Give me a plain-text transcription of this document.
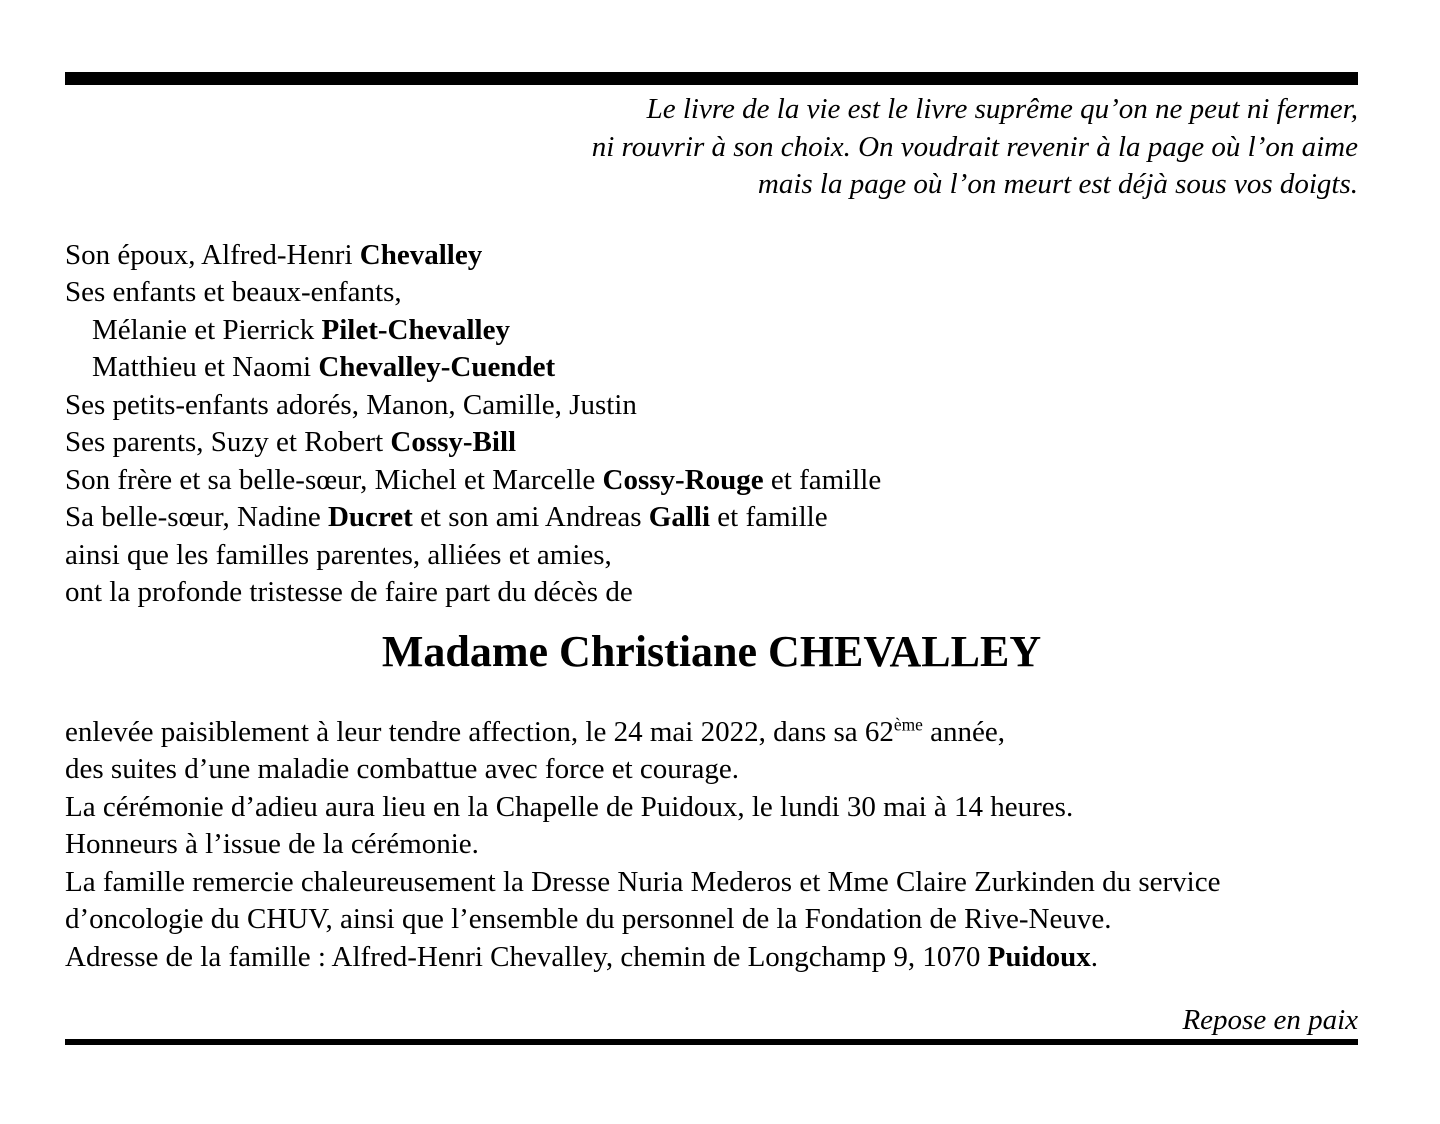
Le livre de la vie est le livre suprême qu’on ne peut ni fermer,
ni rouvrir à son choix. On voudrait revenir à la page où l’on aime
mais la page où l’on meurt est déjà sous vos doigts.
Son époux, Alfred-Henri Chevalley
Ses enfants et beaux-enfants,
Mélanie et Pierrick Pilet-Chevalley
Matthieu et Naomi Chevalley-Cuendet
Ses petits-enfants adorés, Manon, Camille, Justin
Ses parents, Suzy et Robert Cossy-Bill
Son frère et sa belle-sœur, Michel et Marcelle Cossy-Rouge et famille
Sa belle-sœur, Nadine Ducret et son ami Andreas Galli et famille
ainsi que les familles parentes, alliées et amies,
ont la profonde tristesse de faire part du décès de
Madame Christiane CHEVALLEY
enlevée paisiblement à leur tendre affection, le 24 mai 2022, dans sa 62ème année,
des suites d’une maladie combattue avec force et courage.
La cérémonie d’adieu aura lieu en la Chapelle de Puidoux, le lundi 30 mai à 14 heures.
Honneurs à l’issue de la cérémonie.
La famille remercie chaleureusement la Dresse Nuria Mederos et Mme Claire Zurkinden du service
d’oncologie du CHUV, ainsi que l’ensemble du personnel de la Fondation de Rive-Neuve.
Adresse de la famille : Alfred-Henri Chevalley, chemin de Longchamp 9, 1070 Puidoux.
Repose en paix
